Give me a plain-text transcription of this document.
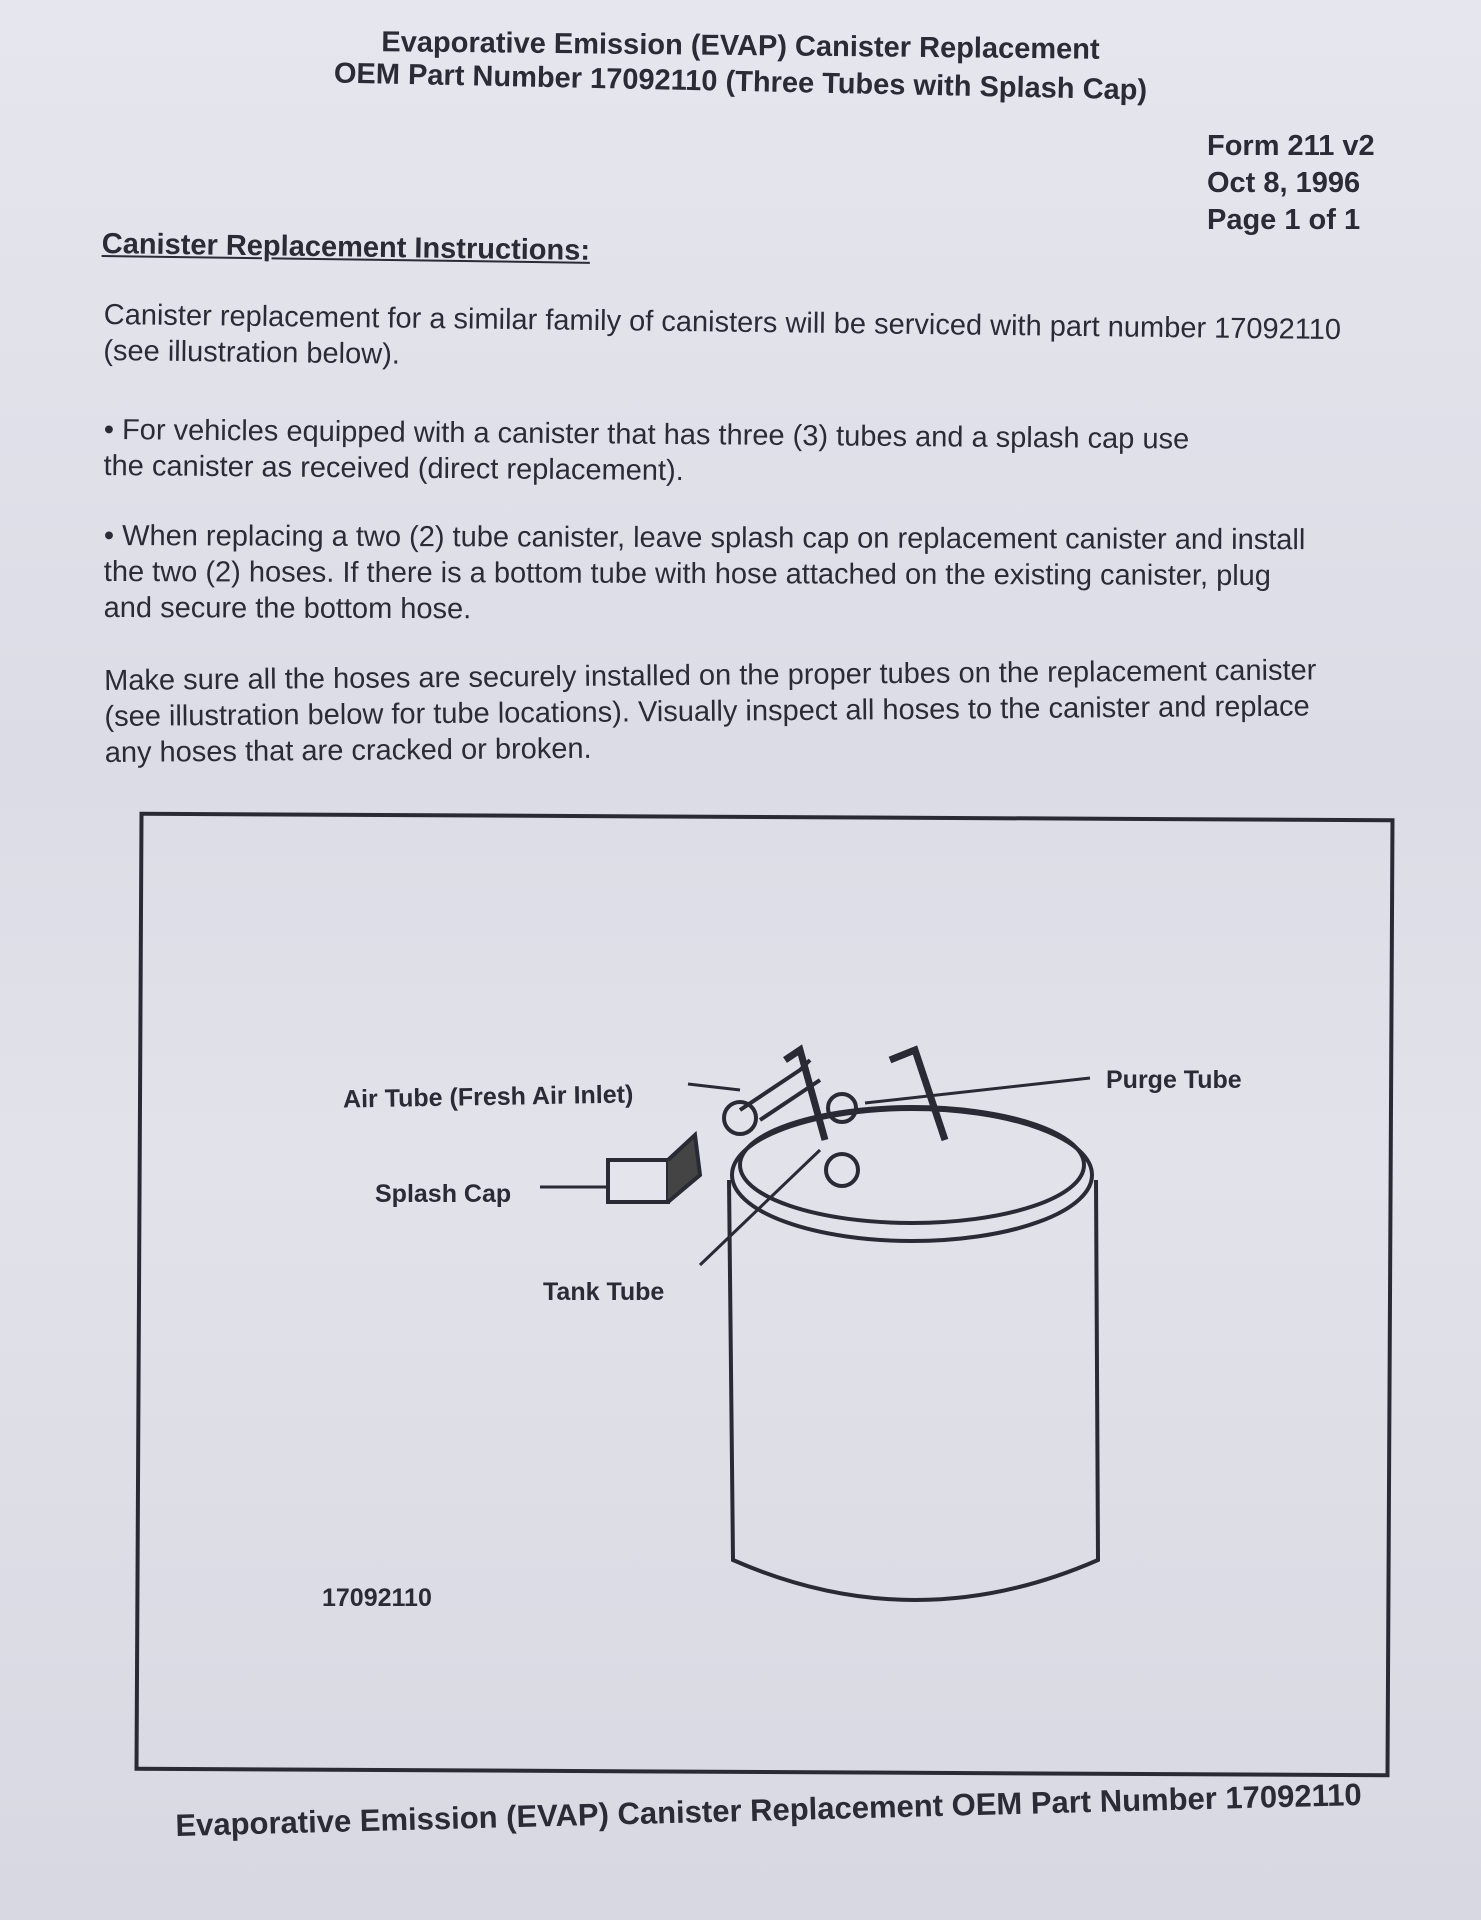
Evaporative Emission (EVAP) Canister Replacement
OEM Part Number 17092110 (Three Tubes with Splash Cap)
Form 211 v2
Oct 8, 1996
Page 1 of 1
Canister Replacement Instructions:
Canister replacement for a similar family of canisters will be serviced with part number 17092110 (see illustration below).
• For vehicles equipped with a canister that has three (3) tubes and a splash cap use the canister as received (direct replacement).
• When replacing a two (2) tube canister, leave splash cap on replacement canister and install the two (2) hoses. If there is a bottom tube with hose attached on the existing canister, plug and secure the bottom hose.
Make sure all the hoses are securely installed on the proper tubes on the replacement canister (see illustration below for tube locations). Visually inspect all hoses to the canister and replace any hoses that are cracked or broken.
Air Tube (Fresh Air Inlet)
Purge Tube
Splash Cap
Tank Tube
17092110
Evaporative Emission (EVAP) Canister Replacement OEM Part Number 17092110
